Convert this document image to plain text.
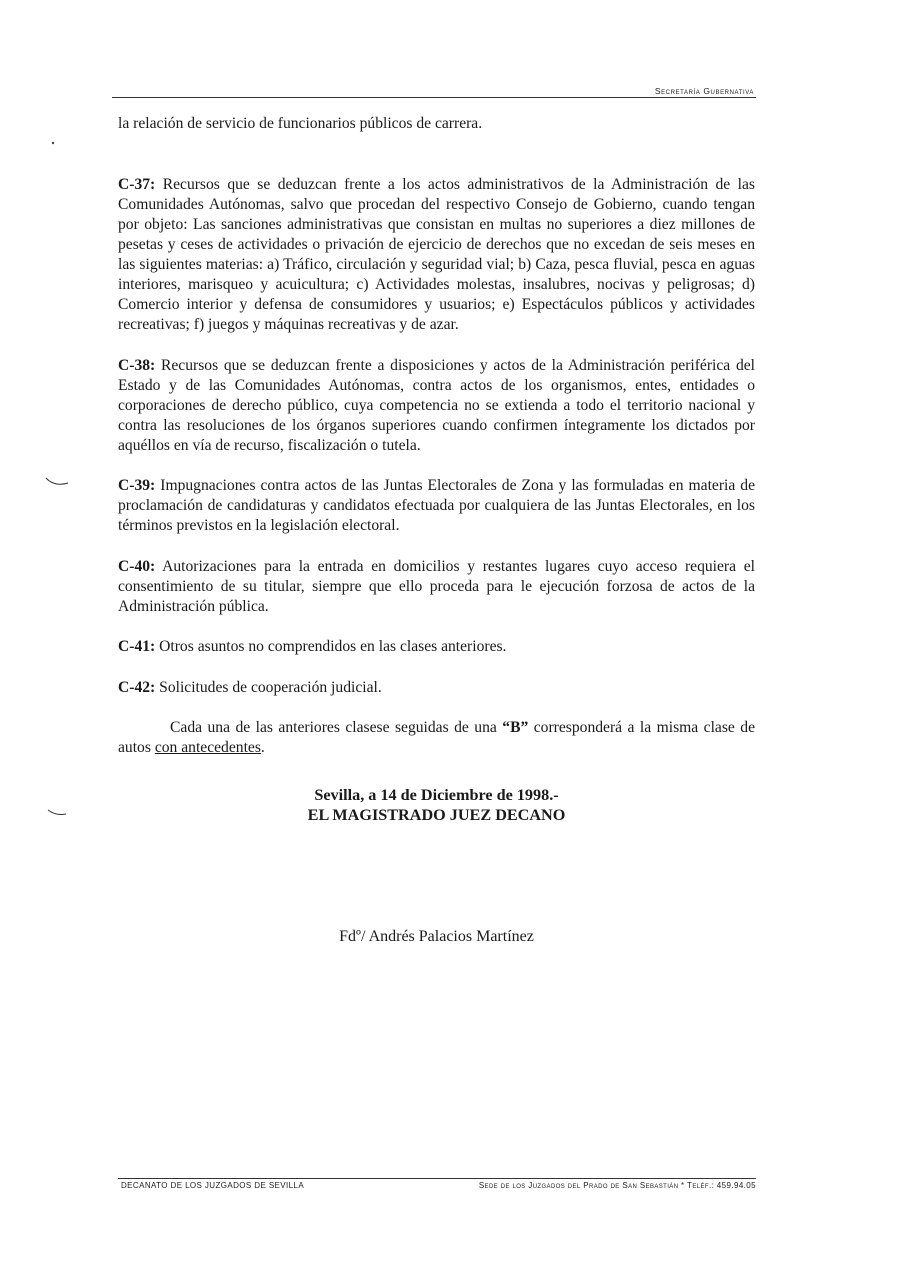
Secretaría Gubernativa

la relación de servicio de funcionarios públicos de carrera.

C-37: Recursos que se deduzcan frente a los actos administrativos de la Administración de las Comunidades Autónomas, salvo que procedan del respectivo Consejo de Gobierno, cuando tengan por objeto: Las sanciones administrativas que consistan en multas no superiores a diez millones de pesetas y ceses de actividades o privación de ejercicio de derechos que no excedan de seis meses en las siguientes materias: a) Tráfico, circulación y seguridad vial; b) Caza, pesca fluvial, pesca en aguas interiores, marisqueo y acuicultura; c) Actividades molestas, insalubres, nocivas y peligrosas; d) Comercio interior y defensa de consumidores y usuarios; e) Espectáculos públicos y actividades recreativas; f) juegos y máquinas recreativas y de azar.

C-38: Recursos que se deduzcan frente a disposiciones y actos de la Administración periférica del Estado y de las Comunidades Autónomas, contra actos de los organismos, entes, entidades o corporaciones de derecho público, cuya competencia no se extienda a todo el territorio nacional y contra las resoluciones de los órganos superiores cuando confirmen íntegramente los dictados por aquéllos en vía de recurso, fiscalización o tutela.

C-39: Impugnaciones contra actos de las Juntas Electorales de Zona y las formuladas en materia de proclamación de candidaturas y candidatos efectuada por cualquiera de las Juntas Electorales, en los términos previstos en la legislación electoral.

C-40: Autorizaciones para la entrada en domicilios y restantes lugares cuyo acceso requiera el consentimiento de su titular, siempre que ello proceda para le ejecución forzosa de actos de la Administración pública.

C-41: Otros asuntos no comprendidos en las clases anteriores.

C-42: Solicitudes de cooperación judicial.

Cada una de las anteriores clasese seguidas de una “B” corresponderá a la misma clase de autos con antecedentes.

Sevilla, a 14 de Diciembre de 1998.-
EL MAGISTRADO JUEZ DECANO
Fdº/ Andrés Palacios Martínez
DECANATO DE LOS JUZGADOS DE SEVILLA	Sede de los Juzgados del Prado de San Sebastián * Teléf.: 459.94.05
